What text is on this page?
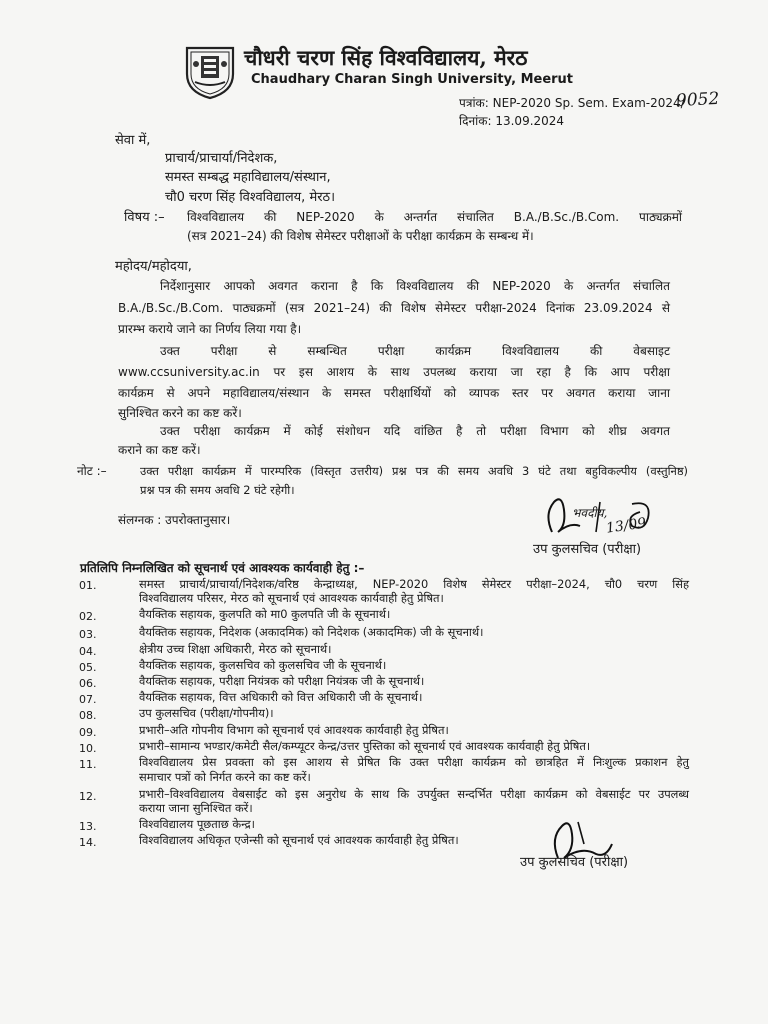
चौधरी चरण सिंह विश्वविद्यालय, मेरठ
Chaudhary Charan Singh University, Meerut
पत्रांक: NEP-2020 Sp. Sem. Exam-2024/
9052
दिनांक: 13.09.2024
सेवा में,
प्राचार्य/प्राचार्या/निदेशक,
समस्त सम्बद्ध महाविद्यालय/संस्थान,
चौ0 चरण सिंह विश्वविद्यालय, मेरठ।
विषय :– विश्वविद्यालय की NEP-2020 के अन्तर्गत संचालित B.A./B.Sc./B.Com. पाठ्यक्रमों
(सत्र 2021–24) की विशेष सेमेस्टर परीक्षाओं के परीक्षा कार्यक्रम के सम्बन्ध में।
महोदय/महोदया,
निर्देशानुसार आपको अवगत कराना है कि विश्वविद्यालय की NEP-2020 के अन्तर्गत संचालित
B.A./B.Sc./B.Com. पाठ्यक्रमों (सत्र 2021–24) की विशेष सेमेस्टर परीक्षा-2024 दिनांक 23.09.2024 से
प्रारम्भ कराये जाने का निर्णय लिया गया है।
उक्त परीक्षा से सम्बन्धित परीक्षा कार्यक्रम विश्वविद्यालय की वेबसाइट
www.ccsuniversity.ac.in पर इस आशय के साथ उपलब्ध कराया जा रहा है कि आप परीक्षा
कार्यक्रम से अपने महाविद्यालय/संस्थान के समस्त परीक्षार्थियों को व्यापक स्तर पर अवगत कराया जाना
सुनिश्चित करने का कष्ट करें।
उक्त परीक्षा कार्यक्रम में कोई संशोधन यदि वांछित है तो परीक्षा विभाग को शीघ्र अवगत
कराने का कष्ट करें।
नोट :–	उक्त परीक्षा कार्यक्रम में पारम्परिक (विस्तृत उत्तरीय) प्रश्न पत्र की समय अवधि 3 घंटे तथा बहुविकल्पीय (वस्तुनिष्ठ)
प्रश्न पत्र की समय अवधि 2 घंटे रहेगी।
संलग्नक : उपरोक्तानुसार।	भवदीय,
13/09
उप कुलसचिव (परीक्षा)
प्रतिलिपि निम्नलिखित को सूचनार्थ एवं आवश्यक कार्यवाही हेतु :–
01.	समस्त प्राचार्य/प्राचार्या/निदेशक/वरिष्ठ केन्द्राध्यक्ष, NEP-2020 विशेष सेमेस्टर परीक्षा–2024, चौ0 चरण सिंह
विश्वविद्यालय परिसर, मेरठ को सूचनार्थ एवं आवश्यक कार्यवाही हेतु प्रेषित।
02.	वैयक्तिक सहायक, कुलपति को मा0 कुलपति जी के सूचनार्थ।
03.	वैयक्तिक सहायक, निदेशक (अकादमिक) को निदेशक (अकादमिक) जी के सूचनार्थ।
04.	क्षेत्रीय उच्च शिक्षा अधिकारी, मेरठ को सूचनार्थ।
05.	वैयक्तिक सहायक, कुलसचिव को कुलसचिव जी के सूचनार्थ।
06.	वैयक्तिक सहायक, परीक्षा नियंत्रक को परीक्षा नियंत्रक जी के सूचनार्थ।
07.	वैयक्तिक सहायक, वित्त अधिकारी को वित्त अधिकारी जी के सूचनार्थ।
08.	उप कुलसचिव (परीक्षा/गोपनीय)।
09.	प्रभारी–अति गोपनीय विभाग को सूचनार्थ एवं आवश्यक कार्यवाही हेतु प्रेषित।
10.	प्रभारी–सामान्य भण्डार/कमेटी सैल/कम्प्यूटर केन्द्र/उत्तर पुस्तिका को सूचनार्थ एवं आवश्यक कार्यवाही हेतु प्रेषित।
11.	विश्वविद्यालय प्रेस प्रवक्ता को इस आशय से प्रेषित कि उक्त परीक्षा कार्यक्रम को छात्रहित में निःशुल्क प्रकाशन हेतु
समाचार पत्रों को निर्गत करने का कष्ट करें।
12.	प्रभारी–विश्वविद्यालय वेबसाईट को इस अनुरोध के साथ कि उपर्युक्त सन्दर्भित परीक्षा कार्यक्रम को वेबसाईट पर उपलब्ध
कराया जाना सुनिश्चित करें।
13.	विश्वविद्यालय पूछताछ केन्द्र।
14.	विश्वविद्यालय अधिकृत एजेन्सी को सूचनार्थ एवं आवश्यक कार्यवाही हेतु प्रेषित।
उप कुलसचिव (परीक्षा)
